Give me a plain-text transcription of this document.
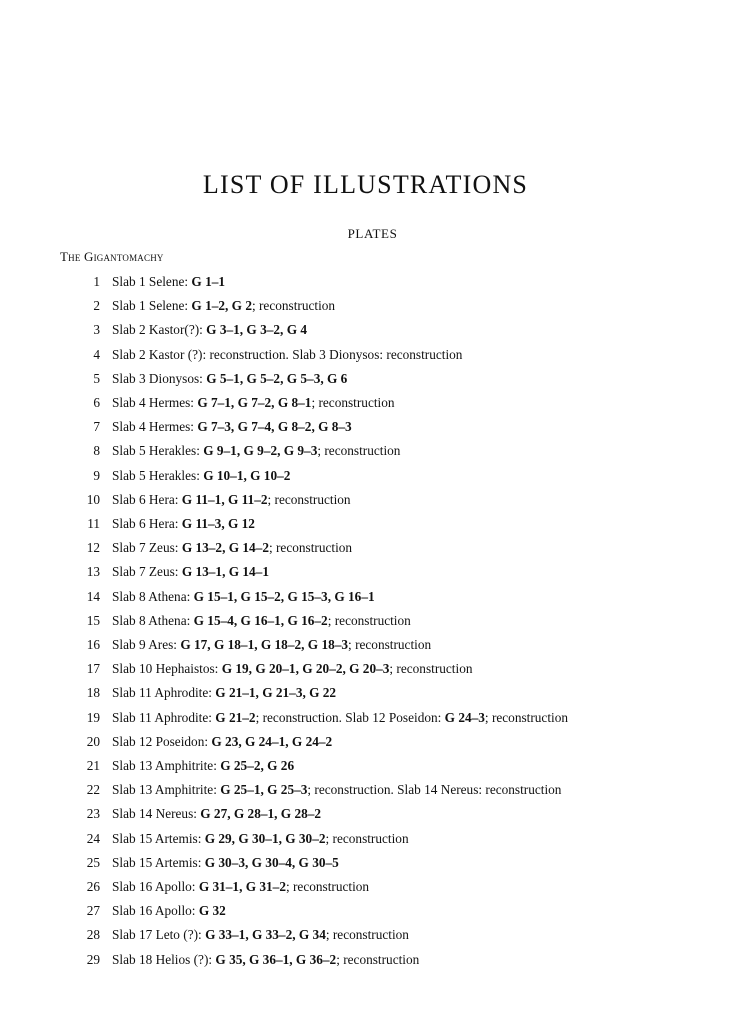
LIST OF ILLUSTRATIONS
PLATES
The Gigantomachy
1 Slab 1 Selene: G 1–1
2 Slab 1 Selene: G 1–2, G 2; reconstruction
3 Slab 2 Kastor(?): G 3–1, G 3–2, G 4
4 Slab 2 Kastor (?): reconstruction. Slab 3 Dionysos: reconstruction
5 Slab 3 Dionysos: G 5–1, G 5–2, G 5–3, G 6
6 Slab 4 Hermes: G 7–1, G 7–2, G 8–1; reconstruction
7 Slab 4 Hermes: G 7–3, G 7–4, G 8–2, G 8–3
8 Slab 5 Herakles: G 9–1, G 9–2, G 9–3; reconstruction
9 Slab 5 Herakles: G 10–1, G 10–2
10 Slab 6 Hera: G 11–1, G 11–2; reconstruction
11 Slab 6 Hera: G 11–3, G 12
12 Slab 7 Zeus: G 13–2, G 14–2; reconstruction
13 Slab 7 Zeus: G 13–1, G 14–1
14 Slab 8 Athena: G 15–1, G 15–2, G 15–3, G 16–1
15 Slab 8 Athena: G 15–4, G 16–1, G 16–2; reconstruction
16 Slab 9 Ares: G 17, G 18–1, G 18–2, G 18–3; reconstruction
17 Slab 10 Hephaistos: G 19, G 20–1, G 20–2, G 20–3; reconstruction
18 Slab 11 Aphrodite: G 21–1, G 21–3, G 22
19 Slab 11 Aphrodite: G 21–2; reconstruction. Slab 12 Poseidon: G 24–3; reconstruction
20 Slab 12 Poseidon: G 23, G 24–1, G 24–2
21 Slab 13 Amphitrite: G 25–2, G 26
22 Slab 13 Amphitrite: G 25–1, G 25–3; reconstruction. Slab 14 Nereus: reconstruction
23 Slab 14 Nereus: G 27, G 28–1, G 28–2
24 Slab 15 Artemis: G 29, G 30–1, G 30–2; reconstruction
25 Slab 15 Artemis: G 30–3, G 30–4, G 30–5
26 Slab 16 Apollo: G 31–1, G 31–2; reconstruction
27 Slab 16 Apollo: G 32
28 Slab 17 Leto (?): G 33–1, G 33–2, G 34; reconstruction
29 Slab 18 Helios (?): G 35, G 36–1, G 36–2; reconstruction
